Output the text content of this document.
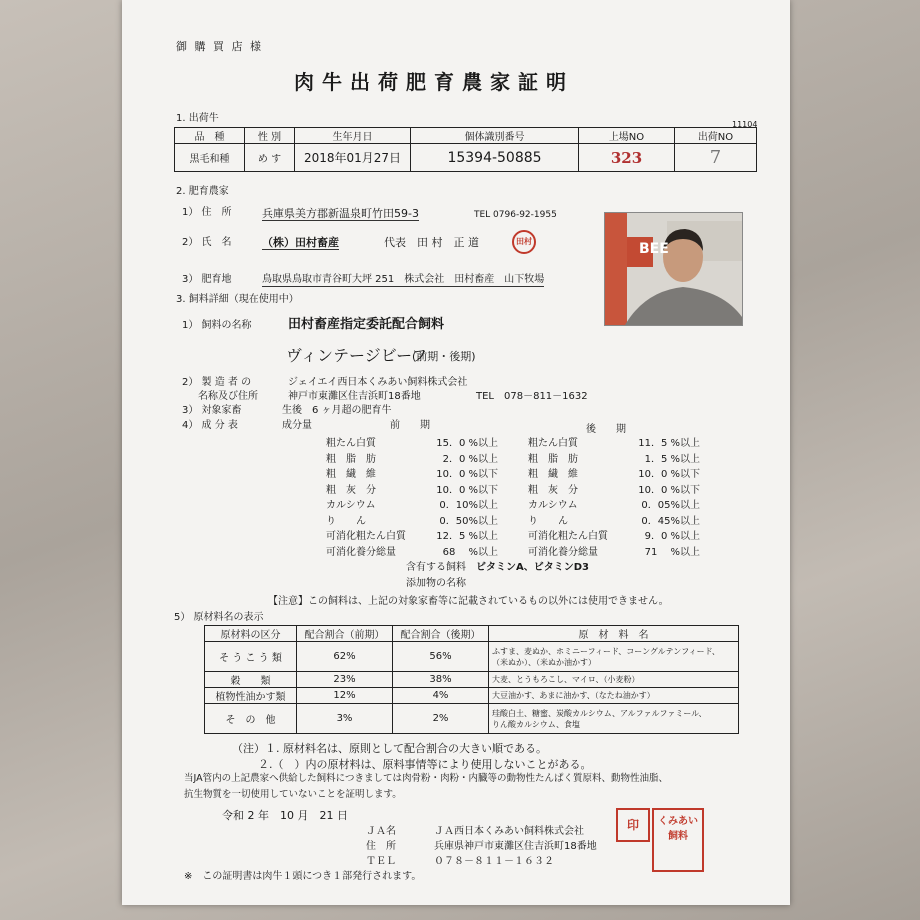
御 購 買 店 様
肉牛出荷肥育農家証明
11104
1. 出荷牛
品　種	性 別	生年月日	個体識別番号	上場NO	出荷NO
黒毛和種	め す	2018年01月27日	15394-50885	323	7
2. 肥育農家
1） 住　所	兵庫県美方郡新温泉町竹田59-3	TEL 0796-92-1955
2） 氏　名	（株）田村畜産	代表　田 村　正 道	田村
3） 肥育地	鳥取県鳥取市青谷町大坪 251　株式会社　田村畜産　山下牧場
BEE
3. 飼料詳細（現在使用中）
1） 飼料の名称	田村畜産指定委託配合飼料
ヴィンテージビーフ
(前期・後期)
2） 製 造 者 の	ジェイエイ西日本くみあい飼料株式会社
名称及び住所	神戸市東灘区住吉浜町18番地	TEL　078－811－1632
3） 対象家畜	生後　6 ヶ月超の肥育牛
4） 成 分 表	成分量	前　　期	後　　期
粗たん白質	15．0 %以上	粗たん白質	11．5 %以上
粗　脂　肪	2．0 %以上	粗　脂　肪	1．5 %以上
粗　繊　維	10．0 %以下	粗　繊　維	10．0 %以下
粗　灰　分	10．0 %以下	粗　灰　分	10．0 %以下
カルシウム	0．10%以上	カルシウム	0．05%以上
り　　ん	0．50%以上	り　　ん	0．45%以上
可消化粗たん白質	12．5 %以上	可消化粗たん白質	9．0 %以上
可消化養分総量	68　 %以上	可消化養分総量	71　 %以上
含有する飼料 ビタミンA、ビタミンD3
添加物の名称
【注意】この飼料は、上記の対象家畜等に記載されているもの以外には使用できません。
5） 原材料名の表示
原材料の区分	配合割合（前期）	配合割合（後期）	原　材　料　名
そ う こ う 類	62%	56%	ふすま、麦ぬか、ホミニーフィード、コーングルテンフィード、
（米ぬか）、（米ぬか油かす）

穀　　類	23%	38%	大麦、とうもろこし、マイロ、（小麦粉）

植物性油かす類	12%	4%	大豆油かす、あまに油かす、（なたね油かす）

そ　の　他	3%	2%	珪酸白土、糖蜜、炭酸カルシウム、アルファルファミール、
りん酸カルシウム、食塩
（注）１. 原材料名は、原則として配合割合の大きい順である。
２.（　）内の原材料は、原料事情等により使用しないことがある。
当JA管内の上記農家へ供給した飼料につきましては肉骨粉・肉粉・内臓等の動物性たんぱく質原料、動物性油脂、
抗生物質を一切使用していないことを証明します。
令和 2 年　10 月　21 日
ＪＡ名	ＪＡ西日本くみあい飼料株式会社
住　所	兵庫県神戸市東灘区住吉浜町18番地
ＴＥＬ	０７８－８１１－１６３２
印	くみあい飼料
※　この証明書は肉牛１頭につき１部発行されます。
